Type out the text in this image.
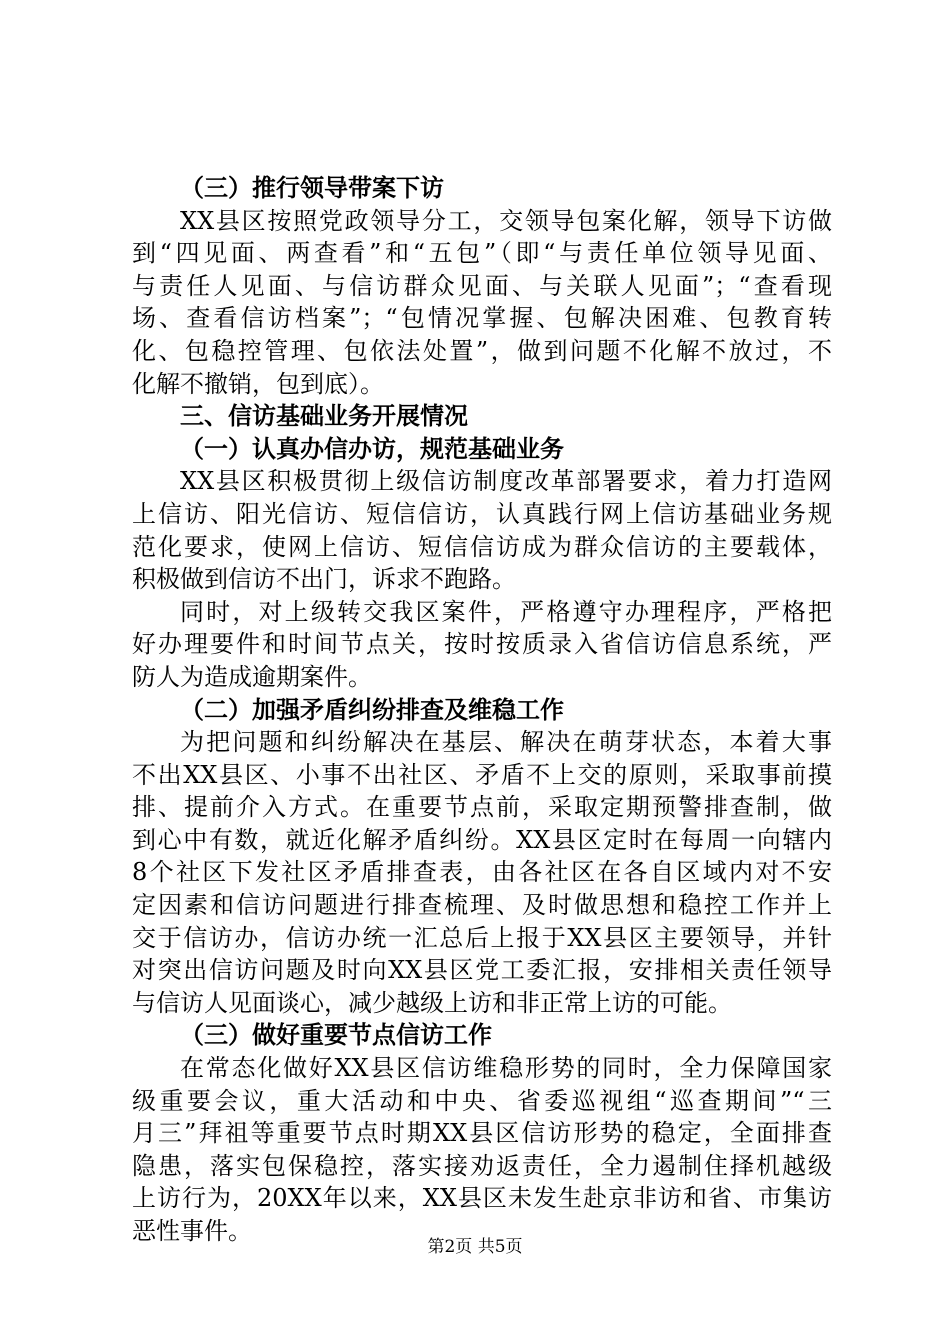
（三）推行领导带案下访
XX县区按照党政领导分工，交领导包案化解，领导下访做
到“四见面、两查看”和“五包”（即“与责任单位领导见面、
与责任人见面、与信访群众见面、与关联人见面”；“查看现
场、查看信访档案”；“包情况掌握、包解决困难、包教育转
化、包稳控管理、包依法处置”，做到问题不化解不放过，不
化解不撤销，包到底）。
三、信访基础业务开展情况
（一）认真办信办访，规范基础业务
XX县区积极贯彻上级信访制度改革部署要求，着力打造网
上信访、阳光信访、短信信访，认真践行网上信访基础业务规
范化要求，使网上信访、短信信访成为群众信访的主要载体，
积极做到信访不出门，诉求不跑路。
同时，对上级转交我区案件，严格遵守办理程序，严格把
好办理要件和时间节点关，按时按质录入省信访信息系统，严
防人为造成逾期案件。
（二）加强矛盾纠纷排查及维稳工作
为把问题和纠纷解决在基层、解决在萌芽状态，本着大事
不出XX县区、小事不出社区、矛盾不上交的原则，采取事前摸
排、提前介入方式。在重要节点前，采取定期预警排查制，做
到心中有数，就近化解矛盾纠纷。XX县区定时在每周一向辖内
8个社区下发社区矛盾排查表，由各社区在各自区域内对不安
定因素和信访问题进行排查梳理、及时做思想和稳控工作并上
交于信访办，信访办统一汇总后上报于XX县区主要领导，并针
对突出信访问题及时向XX县区党工委汇报，安排相关责任领导
与信访人见面谈心，减少越级上访和非正常上访的可能。
（三）做好重要节点信访工作
在常态化做好XX县区信访维稳形势的同时，全力保障国家
级重要会议，重大活动和中央、省委巡视组“巡查期间”“三
月三”拜祖等重要节点时期XX县区信访形势的稳定，全面排查
隐患，落实包保稳控，落实接劝返责任，全力遏制住择机越级
上访行为，20XX年以来，XX县区未发生赴京非访和省、市集访
恶性事件。
第2页 共5页
